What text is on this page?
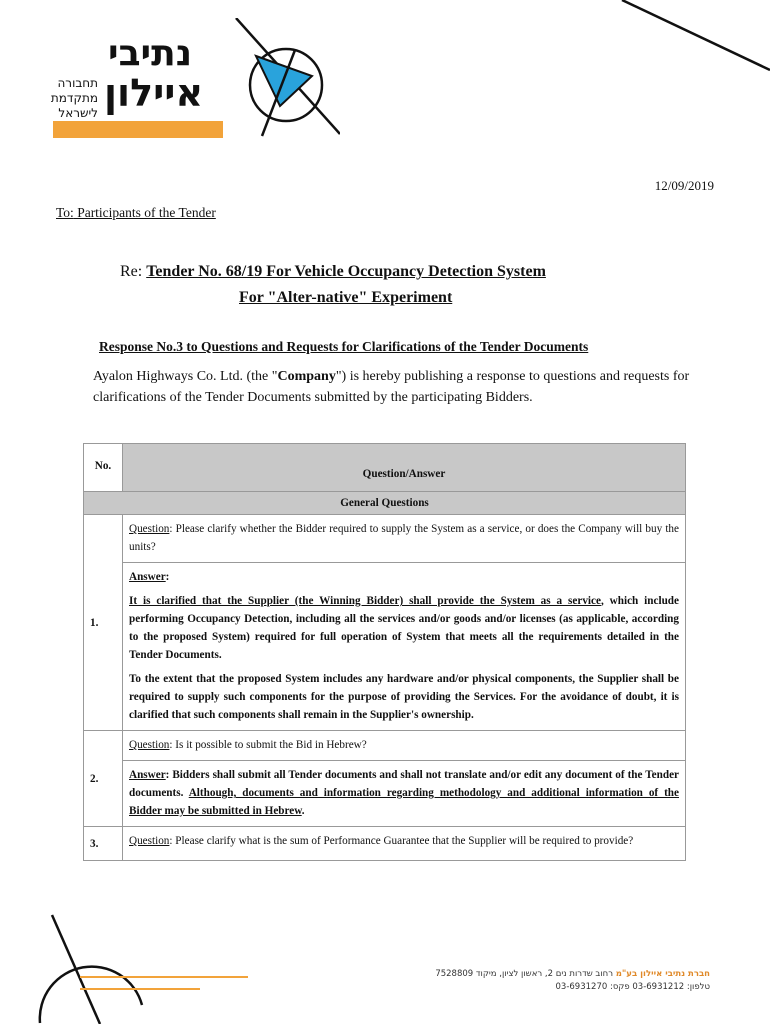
נתיבי
איילון
תחבורה
מתקדמת
לישראל
12/09/2019
To: Participants of the Tender
Re: Tender No. 68/19 For Vehicle Occupancy Detection System
For "Alter-native" Experiment
Response No.3 to Questions and Requests for Clarifications of the Tender Documents
Ayalon Highways Co. Ltd. (the "Company") is hereby publishing a response to questions and requests for clarifications of the Tender Documents submitted by the participating Bidders.
No.	Question/Answer
General Questions	
1.	Question: Please clarify whether the Bidder required to supply the System as a service, or does the Company will buy the units?

	Answer:

It is clarified that the Supplier (the Winning Bidder) shall provide the System as a service, which include performing Occupancy Detection, including all the services and/or goods and/or licenses (as applicable, according to the proposed System) required for full operation of System that meets all the requirements detailed in the Tender Documents.

To the extent that the proposed System includes any hardware and/or physical components, the Supplier shall be required to supply such components for the purpose of providing the Services. For the avoidance of doubt, it is clarified that such components shall remain in the Supplier's ownership.

2.	Question: Is it possible to submit the Bid in Hebrew?
	Answer: Bidders shall submit all Tender documents and shall not translate and/or edit any document of the Tender documents. Although, documents and information regarding methodology and additional information of the Bidder may be submitted in Hebrew.
3.	Question: Please clarify what is the sum of Performance Guarantee that the Supplier will be required to provide?
חברת נתיבי איילון בע"מ רחוב שדרות נים 2, ראשון לציון, מיקוד 7528809
טלפון: 03-6931212 פקס: 03-6931270
